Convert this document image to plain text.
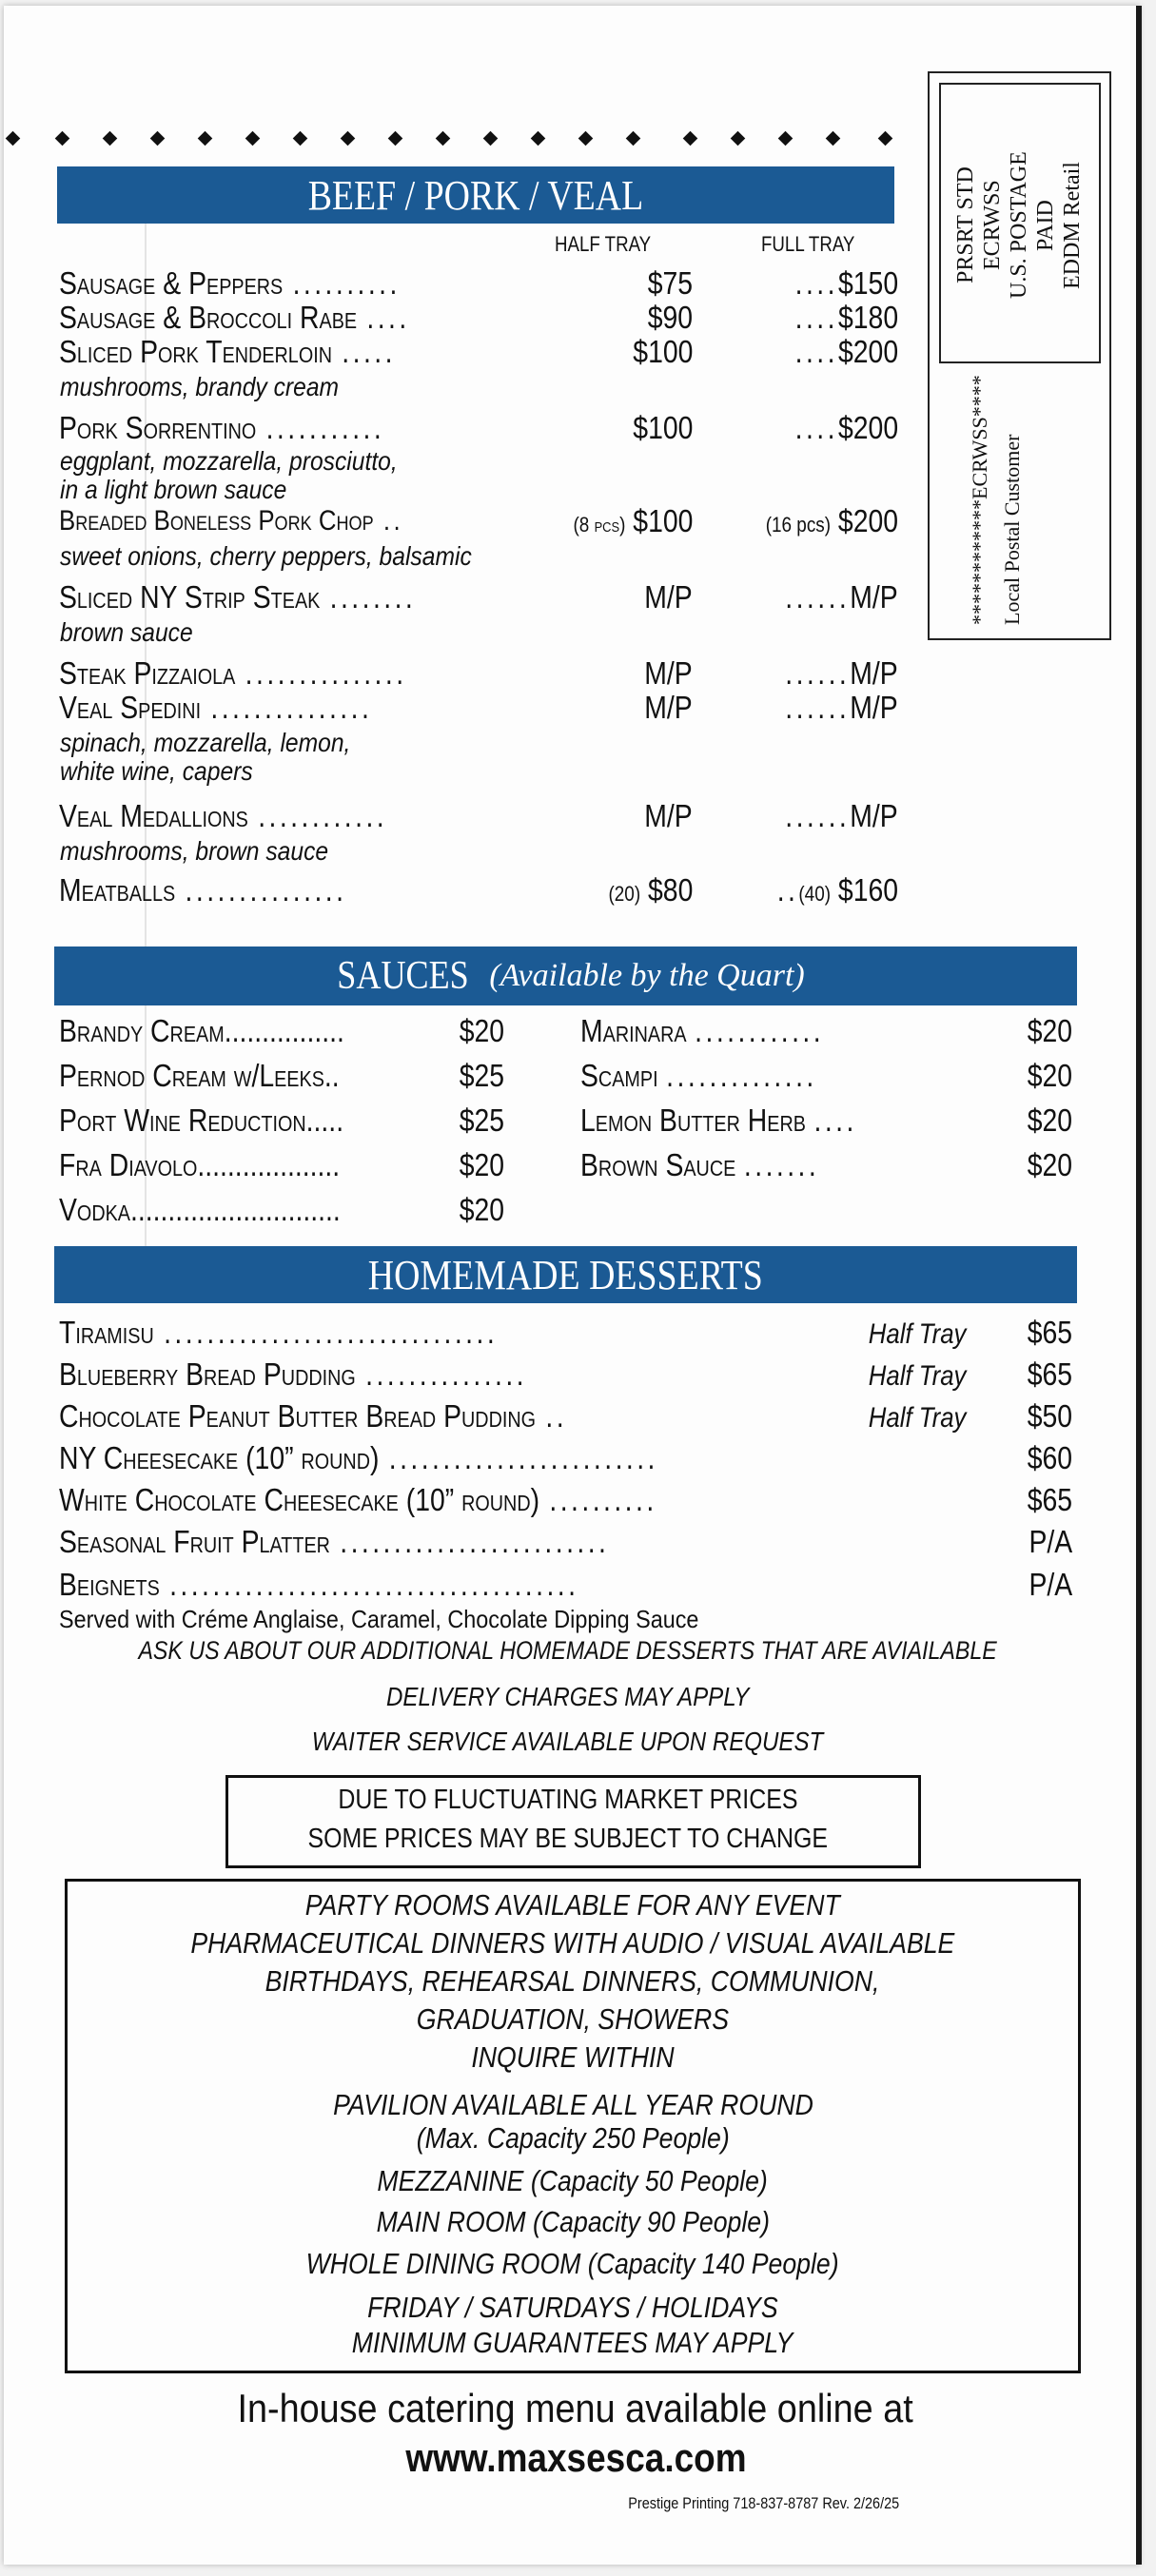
PRSRT STD ECRWSS U.S. POSTAGE PAID EDDM Retail
************ECRWSS**** Local Postal Customer
BEEF / PORK / VEAL
HALF TRAY	FULL TRAY
Sausage & Peppers ..........	$75	....$150
Sausage & Broccoli Rabe ....	$90	....$180
Sliced Pork Tenderloin .....	$100	....$200
mushrooms, brandy cream
Pork Sorrentino ...........	$100	....$200
eggplant, mozzarella, prosciutto,
in a light brown sauce
Breaded Boneless Pork Chop ..	(8 pcs) $100	(16 pcs) $200
sweet onions, cherry peppers, balsamic
Sliced NY Strip Steak ........	M/P	......M/P
brown sauce
Steak Pizzaiola ...............	M/P	......M/P
Veal Spedini ...............	M/P	......M/P
spinach, mozzarella, lemon,
white wine, capers
Veal Medallions ............	M/P	......M/P
mushrooms, brown sauce
Meatballs ...............	(20) $80	..(40) $160
SAUCES (Available by the Quart)
Brandy Cream................	$20
Pernod Cream w/Leeks..	$25
Port Wine Reduction.....	$25
Fra Diavolo...................	$20
Vodka............................	$20
Marinara ............	$20
Scampi ..............	$20
Lemon Butter Herb ....	$20
Brown Sauce .......	$20
HOMEMADE DESSERTS
Tiramisu ...............................	Half Tray $65
Blueberry Bread Pudding ...............	Half Tray $65
Chocolate Peanut Butter Bread Pudding ..	Half Tray $50
NY Cheesecake (10” round) .........................	$60
White Chocolate Cheesecake (10” round) ..........	$65
Seasonal Fruit Platter .........................	P/A
Beignets ......................................	P/A
Served with Créme Anglaise, Caramel, Chocolate Dipping Sauce
ASK US ABOUT OUR ADDITIONAL HOMEMADE DESSERTS THAT ARE AVIAILABLE
DELIVERY CHARGES MAY APPLY
WAITER SERVICE AVAILABLE UPON REQUEST
DUE TO FLUCTUATING MARKET PRICES
SOME PRICES MAY BE SUBJECT TO CHANGE
PARTY ROOMS AVAILABLE FOR ANY EVENT
PHARMACEUTICAL DINNERS WITH AUDIO / VISUAL AVAILABLE
BIRTHDAYS, REHEARSAL DINNERS, COMMUNION,
GRADUATION, SHOWERS
INQUIRE WITHIN
PAVILION AVAILABLE ALL YEAR ROUND
(Max. Capacity 250 People)
MEZZANINE (Capacity 50 People)
MAIN ROOM (Capacity 90 People)
WHOLE DINING ROOM (Capacity 140 People)
FRIDAY / SATURDAYS / HOLIDAYS
MINIMUM GUARANTEES MAY APPLY
In-house catering menu available online at
www.maxsesca.com
Prestige Printing 718-837-8787 Rev. 2/26/25
